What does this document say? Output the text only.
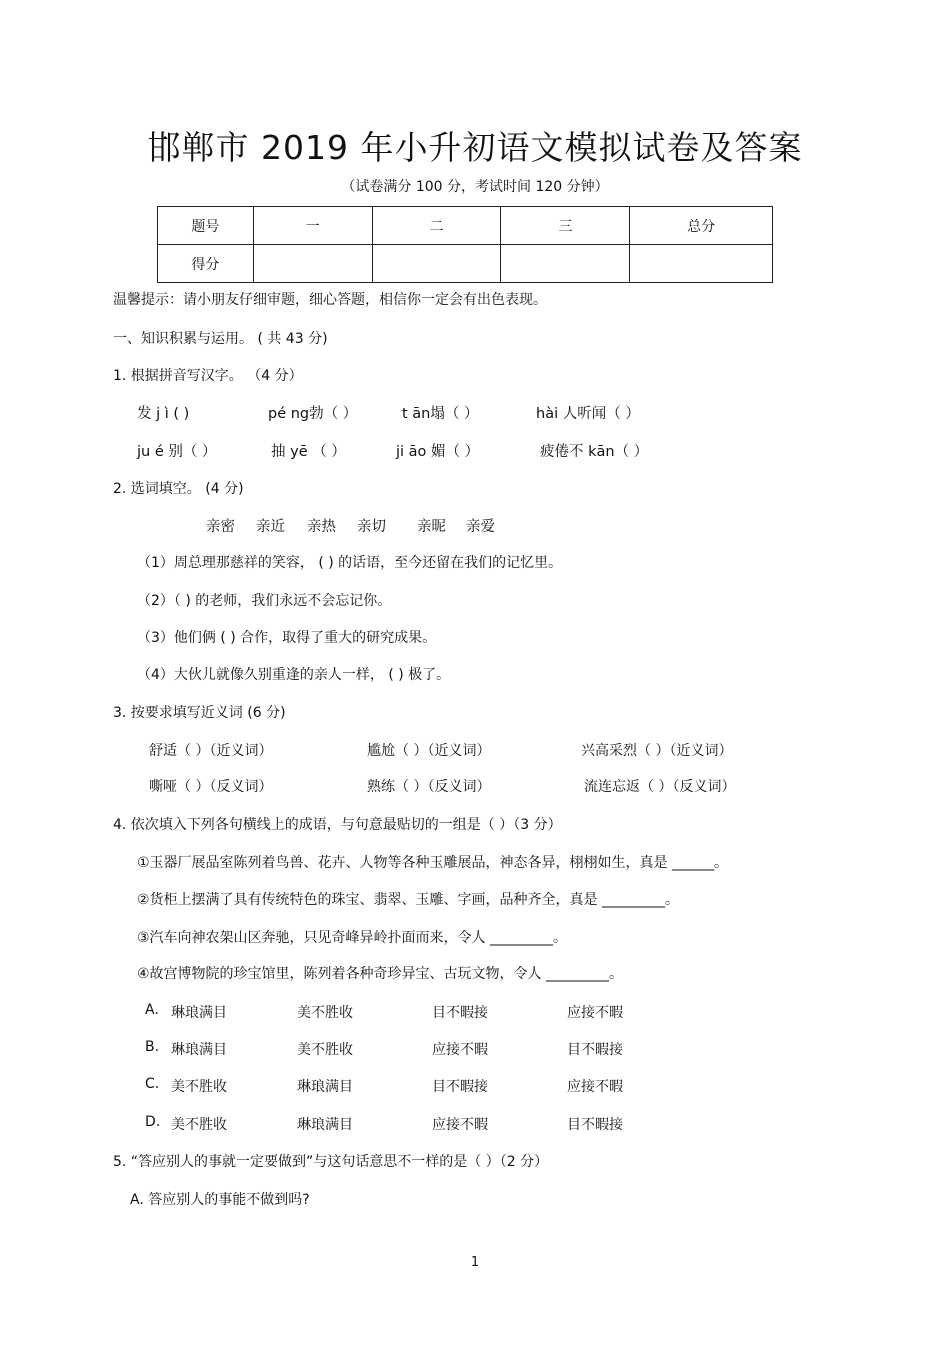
邯郸市 2019 年小升初语文模拟试卷及答案
（试卷满分 100 分，考试时间 120 分钟）
题号	一	二	三	总分
得分				
温馨提示：请小朋友仔细审题，细心答题，相信你一定会有出色表现。
一、知识积累与运用。 ( 共 43 分)
1. 根据拼音写汉字。 （4 分）
发 j ì ( )	pé ng勃（ ）	t ān塌（ ）	hài 人听闻（ ）
ju é 别（ ）	抽 yē （ ）	ji āo 媚（ ）	疲倦不 kān（ ）
2. 选词填空。 (4 分)
亲密 亲近 亲热 亲切 亲昵 亲爱
（1）周总理那慈祥的笑容， ( ) 的话语，至今还留在我们的记忆里。
（2）（ ) 的老师，我们永远不会忘记你。
（3）他们俩 ( ) 合作，取得了重大的研究成果。
（4）大伙儿就像久别重逢的亲人一样， ( ) 极了。
3. 按要求填写近义词 (6 分)
舒适（ ）（近义词）	尴尬（ ）（近义词）	兴高采烈（ ）（近义词）
嘶哑（ ）（反义词）	熟练（ ）（反义词）	流连忘返（ ）（反义词）
4. 依次填入下列各句横线上的成语，与句意最贴切的一组是（ ）（3 分）
①玉器厂展品室陈列着鸟兽、花卉、人物等各种玉雕展品，神态各异，栩栩如生，真是 ______。
②货柜上摆满了具有传统特色的珠宝、翡翠、玉雕、字画，品种齐全，真是 _________。
③汽车向神农架山区奔驰，只见奇峰异岭扑面而来，令人 _________。
④故宫博物院的珍宝馆里，陈列着各种奇珍异宝、古玩文物，令人 _________。
A. 琳琅满目	美不胜收	目不暇接	应接不暇
B. 琳琅满目	美不胜收	应接不暇	目不暇接
C. 美不胜收	琳琅满目	目不暇接	应接不暇
D. 美不胜收	琳琅满目	应接不暇	目不暇接
5. “答应别人的事就一定要做到”与这句话意思不一样的是（ ）（2 分）
A. 答应别人的事能不做到吗?
1
